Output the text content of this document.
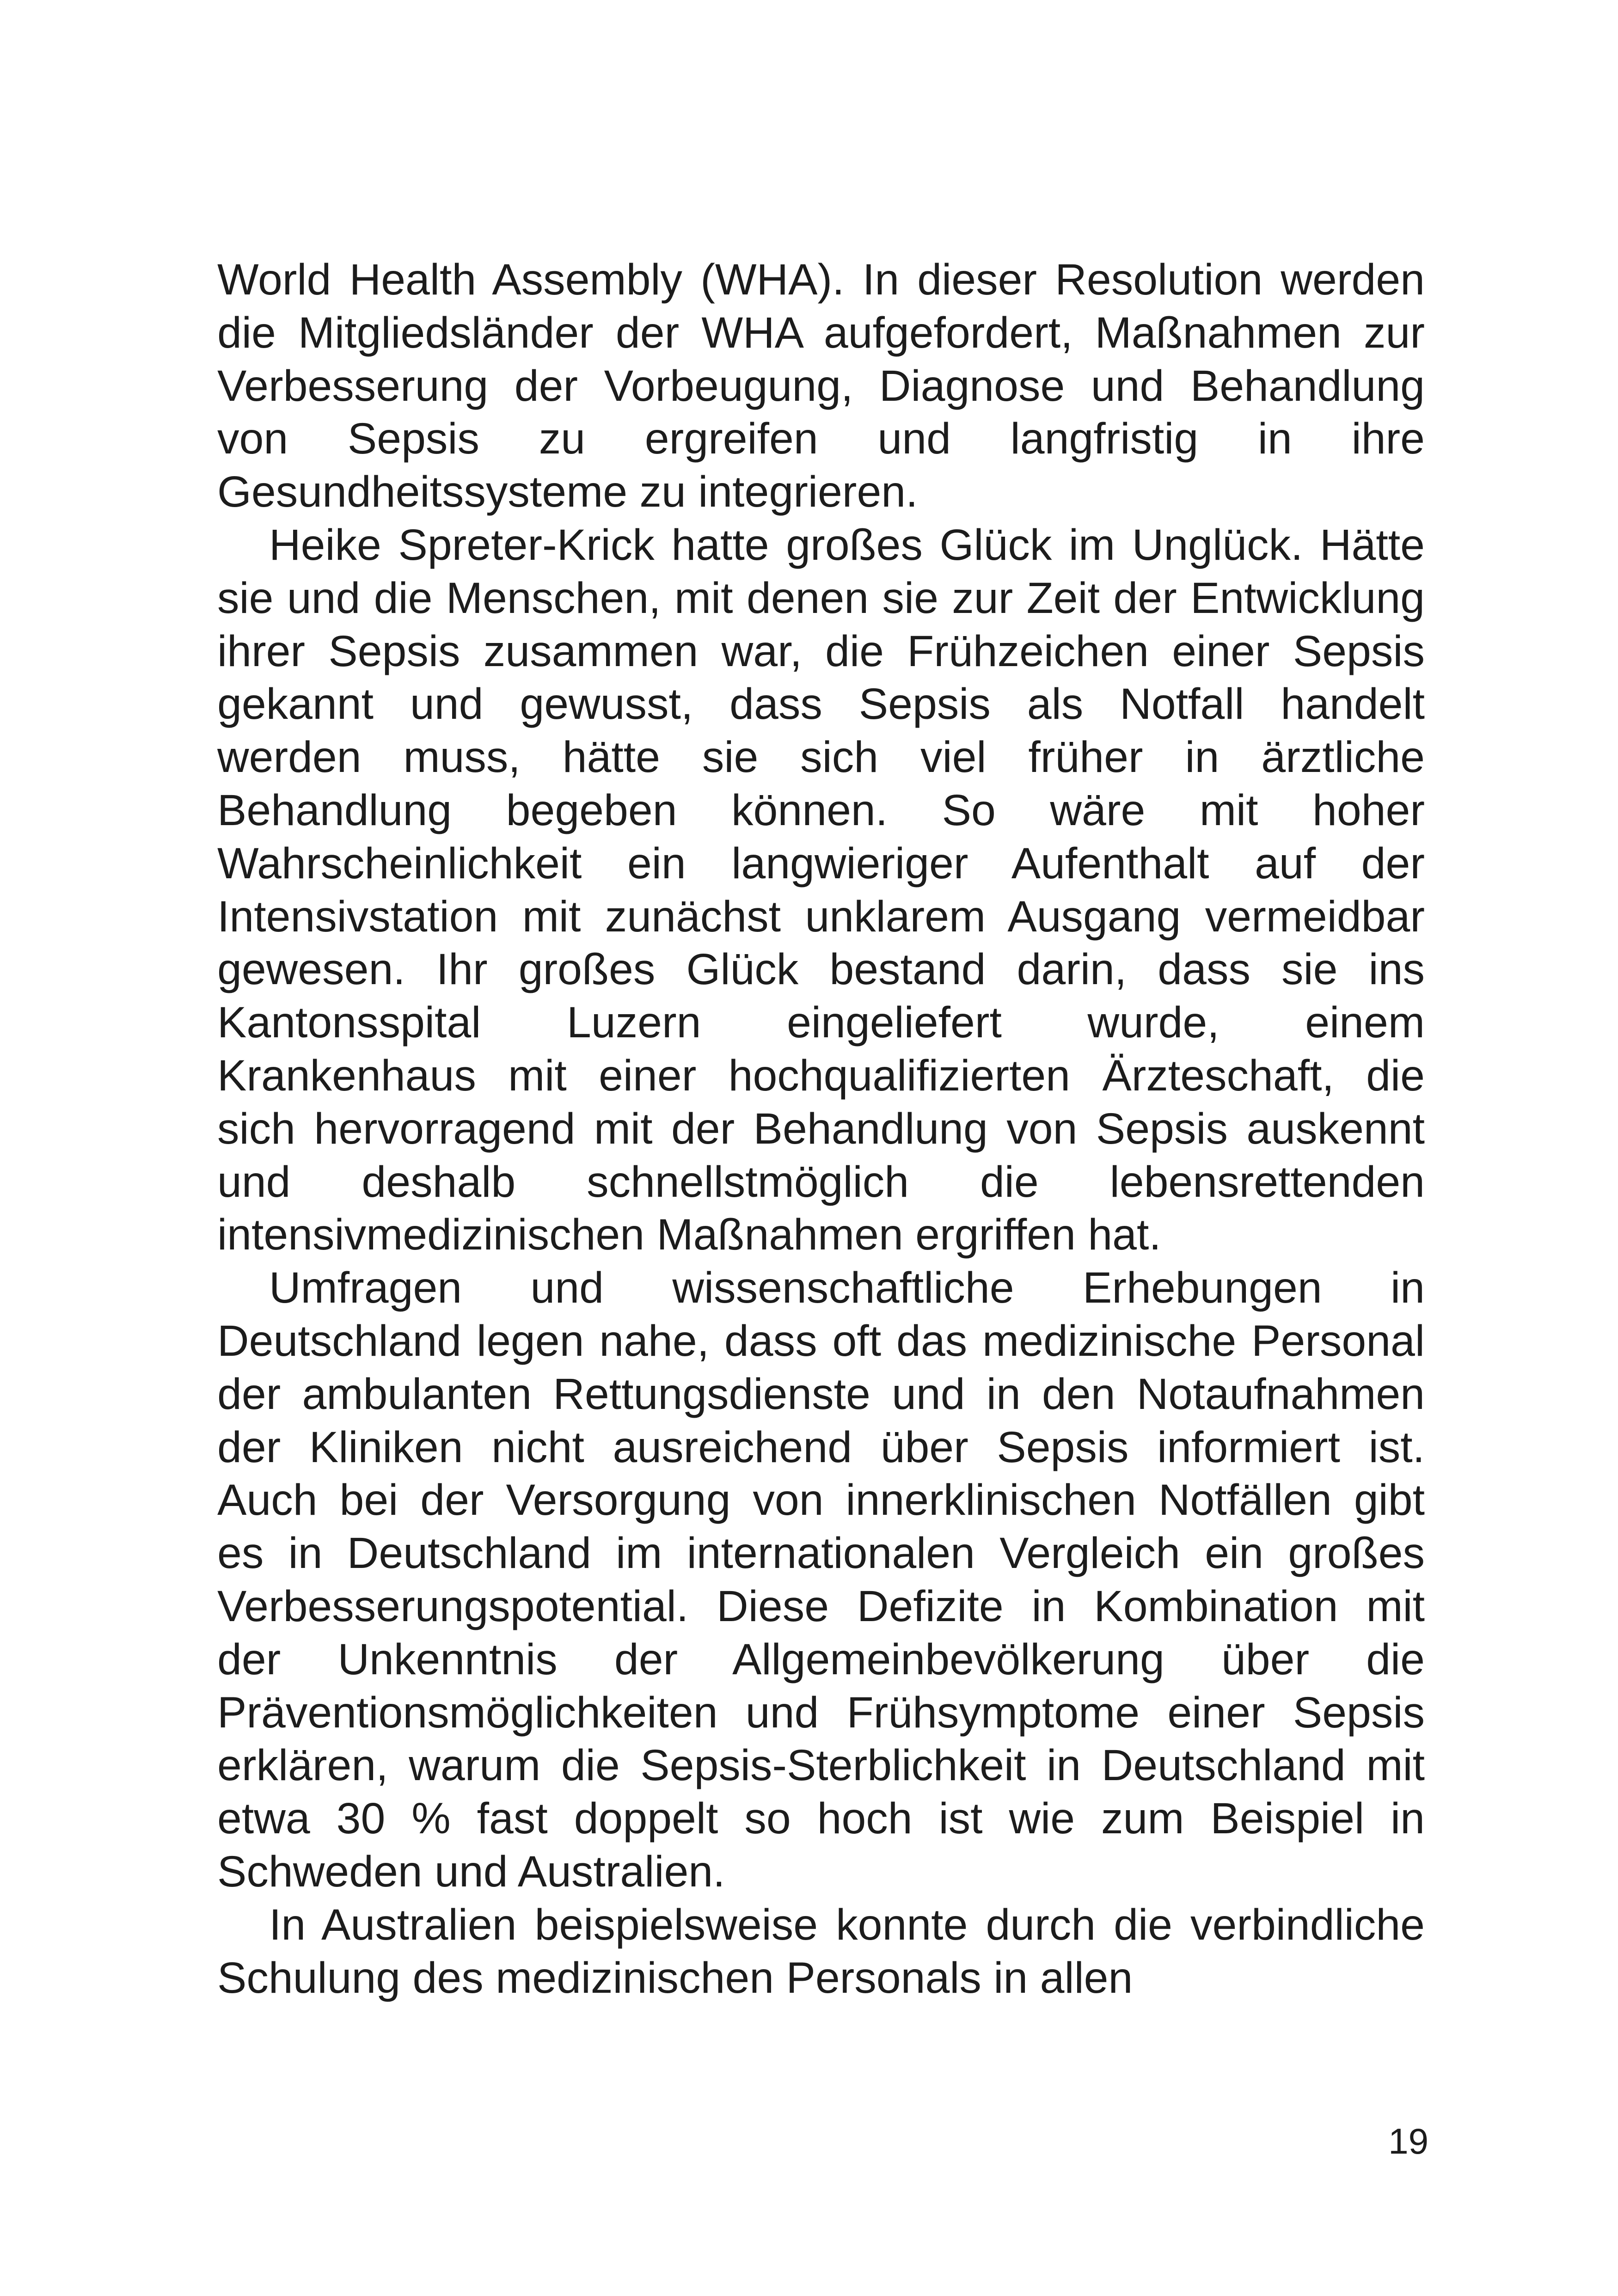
World Health Assembly (WHA). In dieser Resolution werden
die Mitgliedsländer der WHA aufgefordert, Maßnahmen zur
Verbesserung der Vorbeugung, Diagnose und Behandlung
von Sepsis zu ergreifen und langfristig in ihre
Gesundheitssysteme zu integrieren.
Heike Spreter-Krick hatte großes Glück im Unglück. Hätte
sie und die Menschen, mit denen sie zur Zeit der Entwicklung
ihrer Sepsis zusammen war, die Frühzeichen einer Sepsis
gekannt und gewusst, dass Sepsis als Notfall handelt
werden muss, hätte sie sich viel früher in ärztliche
Behandlung begeben können. So wäre mit hoher
Wahrscheinlichkeit ein langwieriger Aufenthalt auf der
Intensivstation mit zunächst unklarem Ausgang vermeidbar
gewesen. Ihr großes Glück bestand darin, dass sie ins
Kantonsspital Luzern eingeliefert wurde, einem
Krankenhaus mit einer hochqualifizierten Ärzteschaft, die
sich hervorragend mit der Behandlung von Sepsis auskennt
und deshalb schnellstmöglich die lebensrettenden
intensivmedizinischen Maßnahmen ergriffen hat.
Umfragen und wissenschaftliche Erhebungen in
Deutschland legen nahe, dass oft das medizinische Personal
der ambulanten Rettungsdienste und in den Notaufnahmen
der Kliniken nicht ausreichend über Sepsis informiert ist.
Auch bei der Versorgung von innerklinischen Notfällen gibt
es in Deutschland im internationalen Vergleich ein großes
Verbesserungspotential. Diese Defizite in Kombination mit
der Unkenntnis der Allgemeinbevölkerung über die
Präventionsmöglichkeiten und Frühsymptome einer Sepsis
erklären, warum die Sepsis-Sterblichkeit in Deutschland mit
etwa 30 % fast doppelt so hoch ist wie zum Beispiel in
Schweden und Australien.
In Australien beispielsweise konnte durch die verbindliche
Schulung des medizinischen Personals in allen
19
